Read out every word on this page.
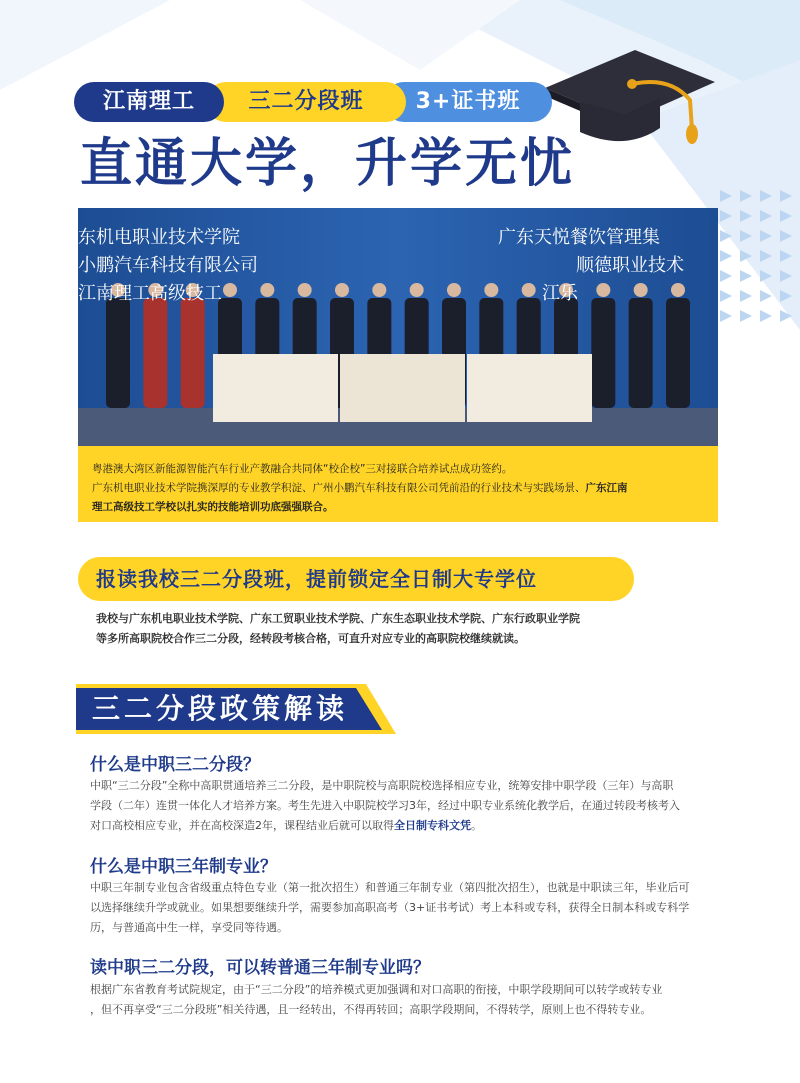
江南理工	三二分段班	3+证书班
直通大学，升学无忧
东机电职业技术学院
小鹏汽车科技有限公司
江南理工高级技工
广东天悦餐饮管理集
顺德职业技术
江乐
粤港澳大湾区新能源智能汽车行业产教融合共同体“校企校”三对接联合培养试点成功签约。
广东机电职业技术学院携深厚的专业教学积淀、广州小鹏汽车科技有限公司凭前沿的行业技术与实践场景、广东江南
理工高级技工学校以扎实的技能培训功底强强联合。
报读我校三二分段班，提前锁定全日制大专学位
我校与广东机电职业技术学院、广东工贸职业技术学院、广东生态职业技术学院、广东行政职业学院
等多所高职院校合作三二分段，经转段考核合格，可直升对应专业的高职院校继续就读。
三二分段政策解读
什么是中职三二分段？
中职“三二分段”全称中高职贯通培养三二分段，是中职院校与高职院校选择相应专业，统筹安排中职学段（三年）与高职
学段（二年）连贯一体化人才培养方案。考生先进入中职院校学习3年，经过中职专业系统化教学后，在通过转段考核考入
对口高校相应专业，并在高校深造2年，课程结业后就可以取得全日制专科文凭。
什么是中职三年制专业？
中职三年制专业包含省级重点特色专业（第一批次招生）和普通三年制专业（第四批次招生），也就是中职读三年，毕业后可
以选择继续升学或就业。如果想要继续升学，需要参加高职高考（3+证书考试）考上本科或专科，获得全日制本科或专科学
历，与普通高中生一样，享受同等待遇。
读中职三二分段，可以转普通三年制专业吗？
根据广东省教育考试院规定，由于“三二分段”的培养模式更加强调和对口高职的衔接，中职学段期间可以转学或转专业
，但不再享受“三二分段班”相关待遇，且一经转出，不得再转回；高职学段期间，不得转学，原则上也不得转专业。
